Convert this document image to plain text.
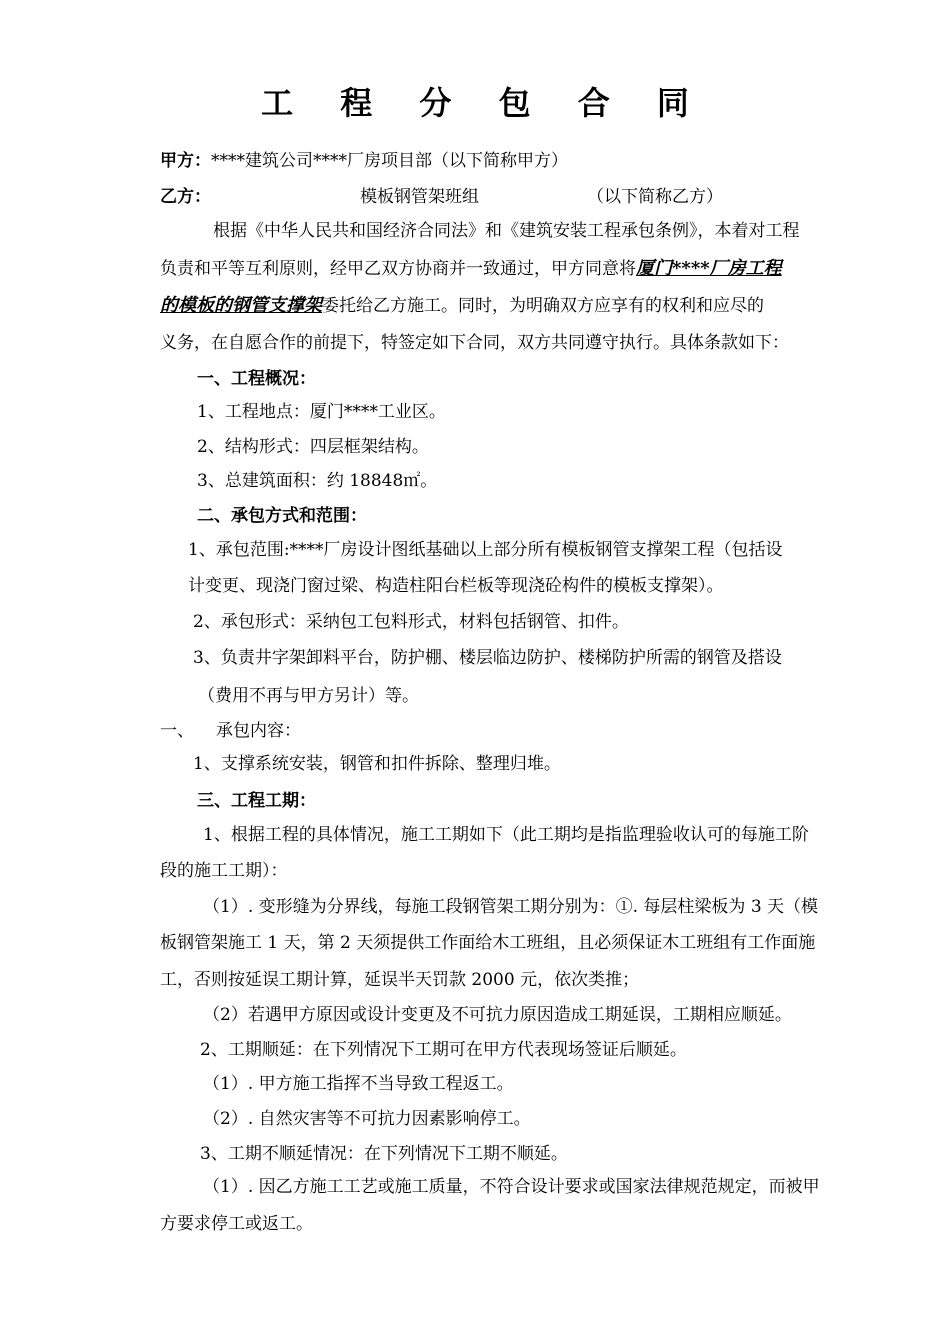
工 程 分 包 合 同
甲方：****建筑公司****厂房项目部（以下简称甲方）
乙方：	模板钢管架班组	（以下简称乙方）
根据《中华人民共和国经济合同法》和《建筑安装工程承包条例》，本着对工程
负责和平等互利原则，经甲乙双方协商并一致通过，甲方同意将厦门****厂房工程
的模板的钢管支撑架委托给乙方施工。同时，为明确双方应享有的权利和应尽的
义务，在自愿合作的前提下，特签定如下合同，双方共同遵守执行。具体条款如下：
一、工程概况：
1、工程地点：厦门****工业区。
2、结构形式：四层框架结构。
3、总建筑面积：约 18848㎡。
二、承包方式和范围：
1、承包范围:****厂房设计图纸基础以上部分所有模板钢管支撑架工程（包括设
计变更、现浇门窗过梁、构造柱阳台栏板等现浇砼构件的模板支撑架）。
2、承包形式：采纳包工包料形式，材料包括钢管、扣件。
3、负责井字架卸料平台，防护棚、楼层临边防护、楼梯防护所需的钢管及搭设
（费用不再与甲方另计）等。
一、 承包内容：
1、支撑系统安装，钢管和扣件拆除、整理归堆。
三、工程工期：
1、根据工程的具体情况，施工工期如下（此工期均是指监理验收认可的每施工阶
段的施工工期）：
（1）. 变形缝为分界线，每施工段钢管架工期分别为：①. 每层柱梁板为 3 天（模
板钢管架施工 1 天，第 2 天须提供工作面给木工班组，且必须保证木工班组有工作面施
工，否则按延误工期计算，延误半天罚款 2000 元，依次类推；
（2）若遇甲方原因或设计变更及不可抗力原因造成工期延误，工期相应顺延。
2、工期顺延：在下列情况下工期可在甲方代表现场签证后顺延。
（1）. 甲方施工指挥不当导致工程返工。
（2）. 自然灾害等不可抗力因素影响停工。
3、工期不顺延情况：在下列情况下工期不顺延。
（1）. 因乙方施工工艺或施工质量，不符合设计要求或国家法律规范规定，而被甲
方要求停工或返工。
